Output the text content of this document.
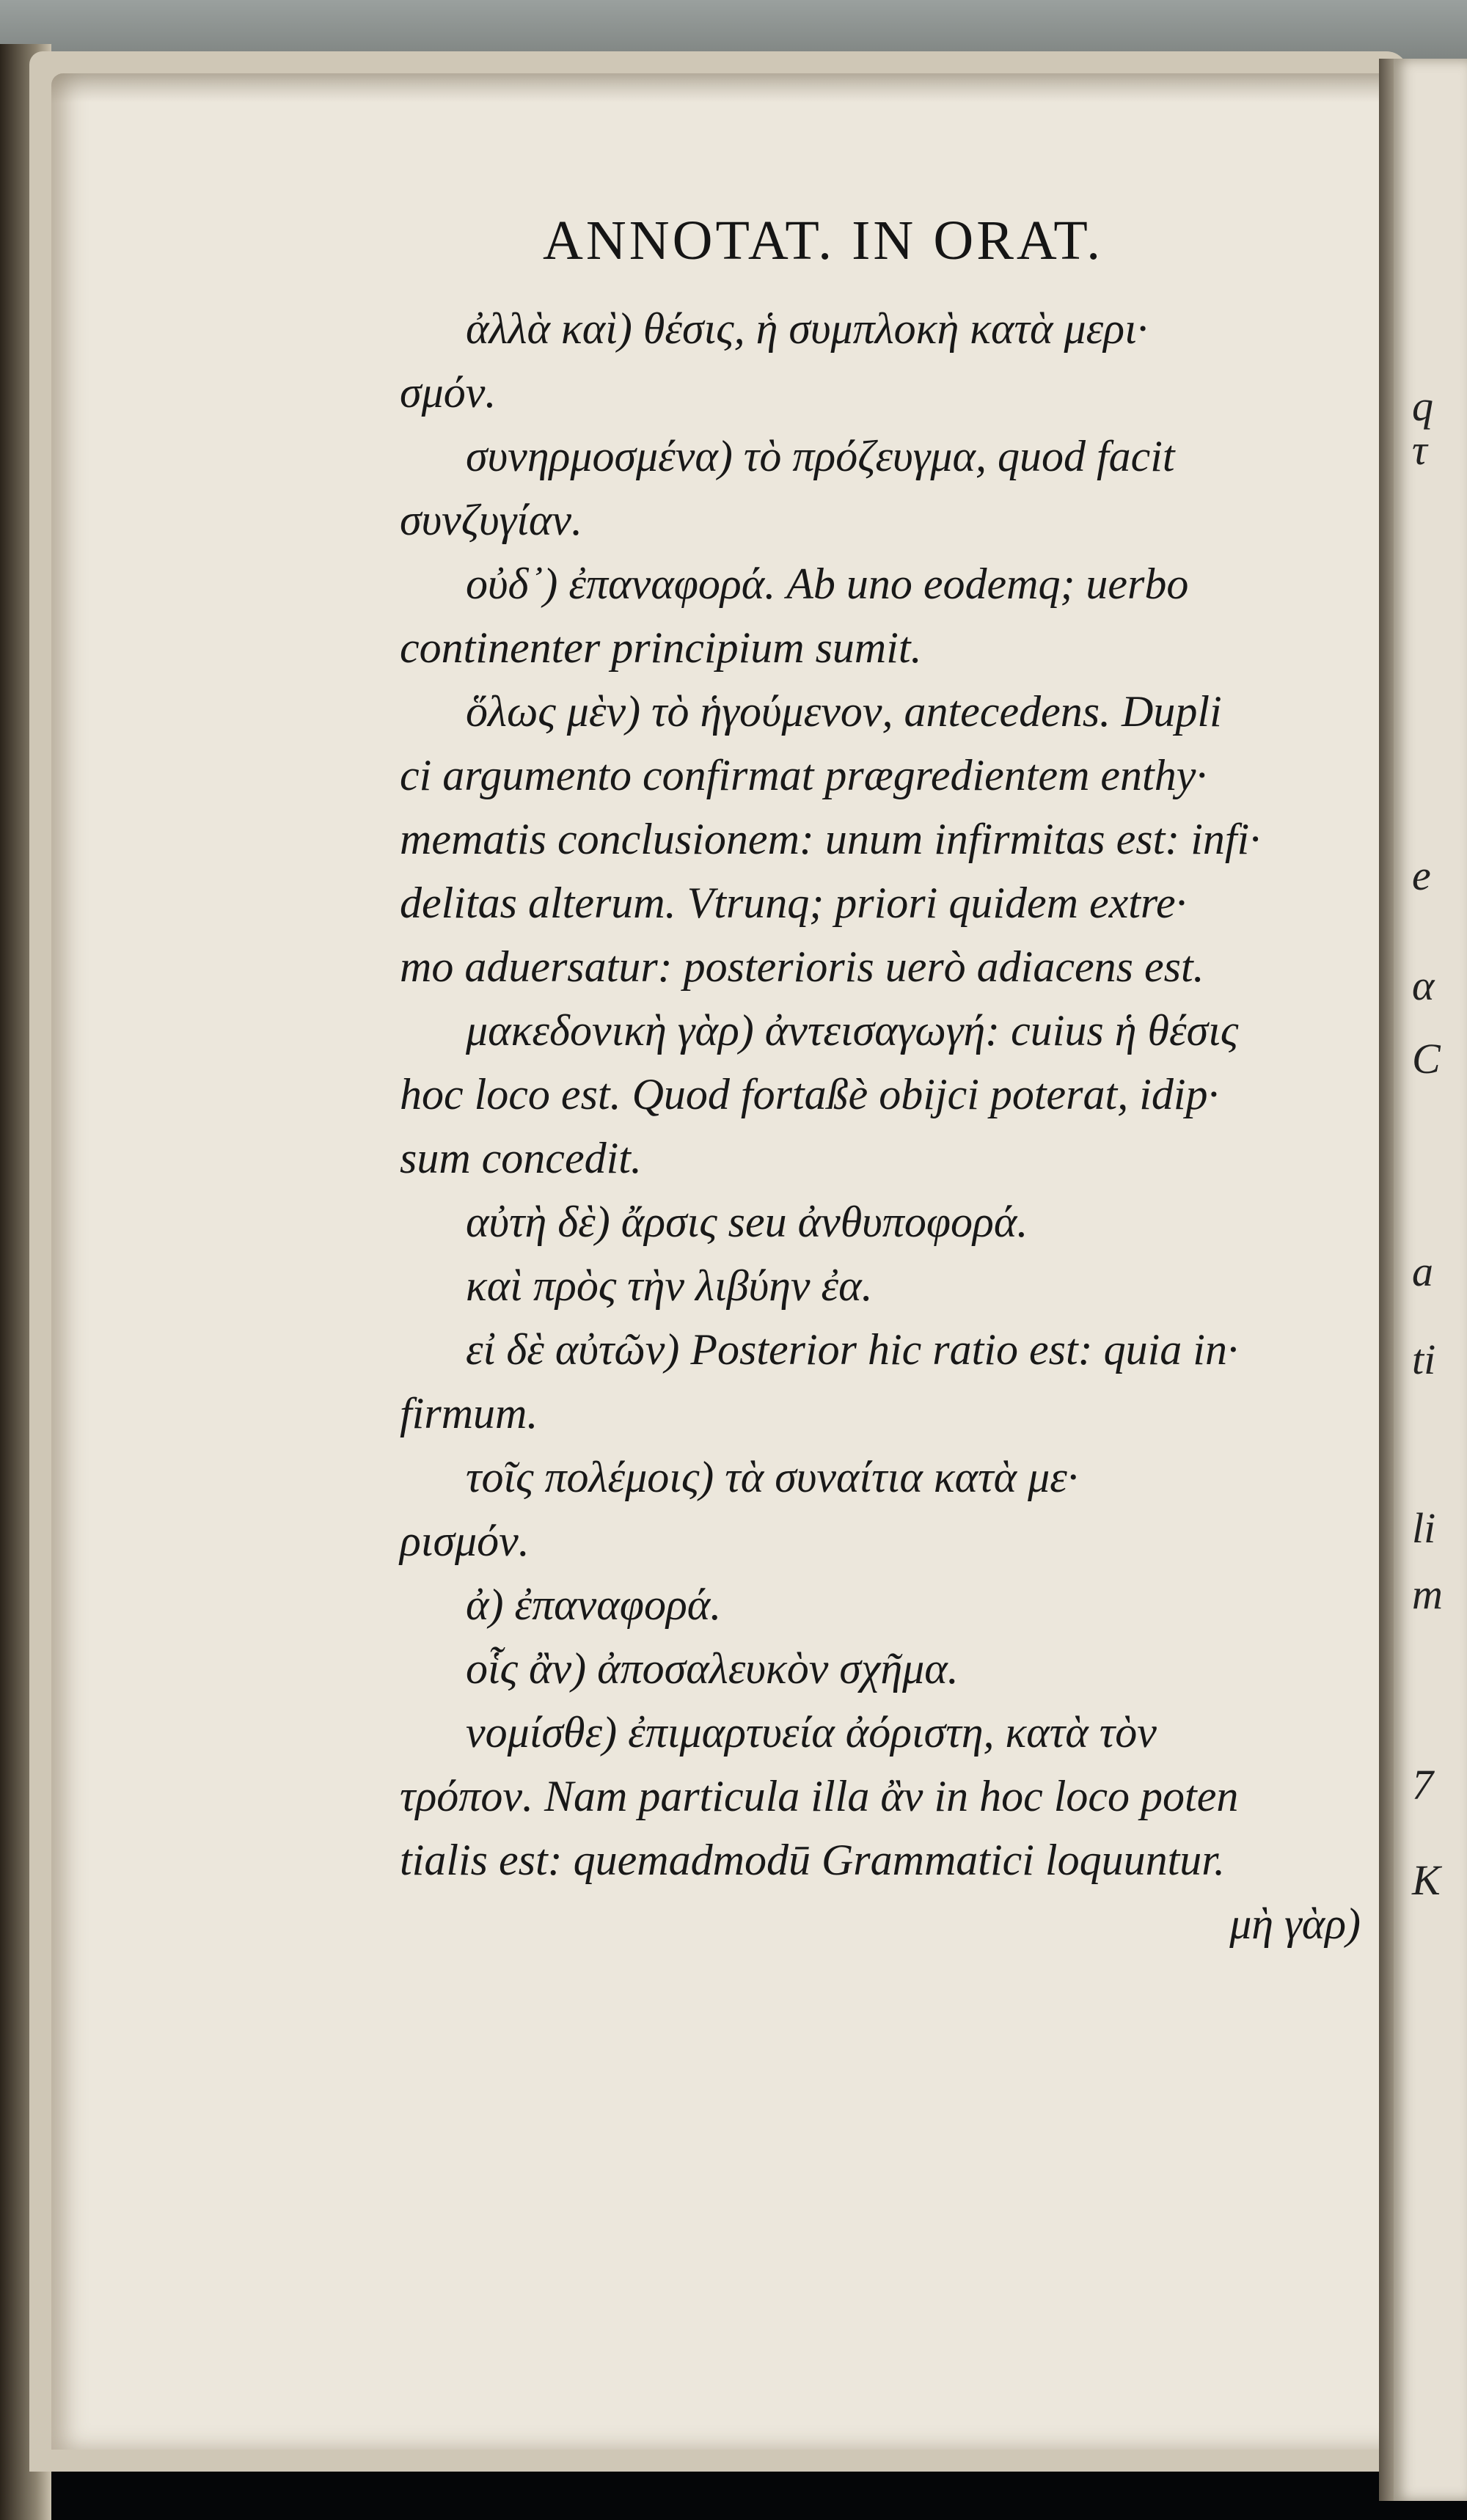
ANNOTAT. IN ORAT.
ἀλλὰ καὶ) θέσις, ἡ συμπλοκὴ κατὰ μερι·
σμόν.
συνηρμοσμένα) τὸ πρόζευγμα, quod facit
συνζυγίαν.
οὐδ᾽) ἐπαναφορά. Ab uno eodemq; uerbo
continenter principium sumit.
ὅλως μὲν) τὸ ἡγούμενον, antecedens. Dupli
ci argumento confirmat prægredientem enthy·
mematis conclusionem: unum infirmitas est: infi·
delitas alterum. Vtrunq; priori quidem extre·
mo aduersatur: posterioris uerò adiacens est.
μακεδονικὴ γὰρ) ἀντεισαγωγή: cuius ἡ θέσις
hoc loco est. Quod fortaßè obijci poterat, idip·
sum concedit.
αὐτὴ δὲ) ἄρσις seu ἀνθυποφορά.
καὶ πρὸς τὴν λιβύην ἐα.
εἰ δὲ αὐτῶν) Posterior hic ratio est: quia in·
firmum.
τοῖς πολέμοις) τὰ συναίτια κατὰ με·
ρισμόν.
ἀ) ἐπαναφορά.
οἷς ἂν) ἀποσαλευκὸν σχῆμα.
νομίσθε) ἐπιμαρτυεία ἀόριστη, κατὰ τὸν
τρόπον. Nam particula illa ἂν in hoc loco poten
tialis est: quemadmodū Grammatici loquuntur.
μὴ γὰρ)
q
τ
e
α
C
a
ti
li
m
7
K
